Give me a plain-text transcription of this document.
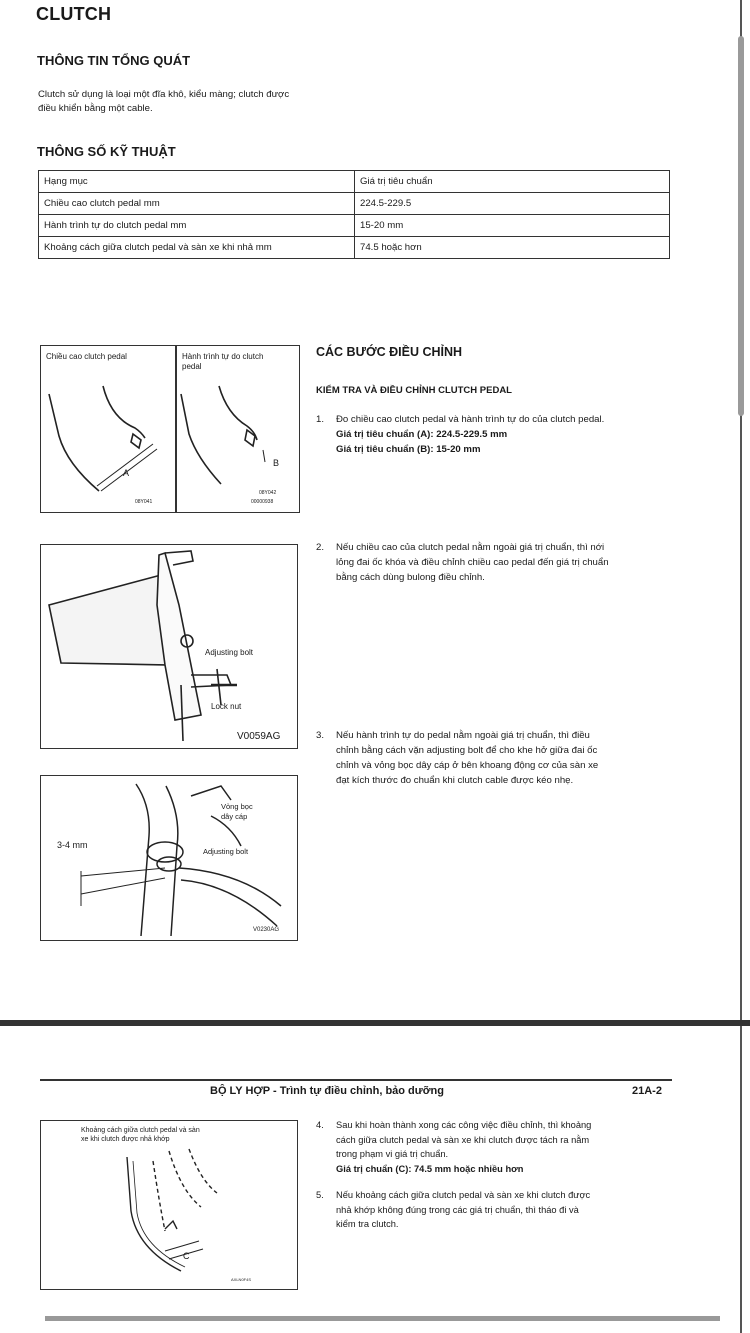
CLUTCH
THÔNG TIN TỔNG QUÁT
Clutch sử dụng là loại một đĩa khô, kiểu màng; clutch được
điều khiển bằng một cable.
THÔNG SỐ KỸ THUẬT
Hạng mục	Giá trị tiêu chuẩn
Chiều cao clutch pedal mm	224.5-229.5
Hành trình tự do clutch pedal mm	15-20 mm
Khoảng cách giữa clutch pedal và sàn xe khi nhả mm	74.5 hoặc hơn
Chiều cao clutch pedal	Hành trình tự do clutch
pedal
A
B
08Y041
08Y042
00000938
CÁC BƯỚC ĐIỀU CHỈNH
KIỂM TRA VÀ ĐIỀU CHỈNH CLUTCH PEDAL
1. Đo chiều cao clutch pedal và hành trình tự do của clutch pedal.
Giá trị tiêu chuẩn (A): 224.5-229.5 mm
Giá trị tiêu chuẩn (B): 15-20 mm
Adjusting bolt
Lock nut
V0059AG
2. Nếu chiều cao của clutch pedal nằm ngoài giá trị chuẩn, thì nới
lỏng đai ốc khóa và điều chỉnh chiều cao pedal đến giá trị chuẩn
bằng cách dùng bulong điều chỉnh.
3. Nếu hành trình tự do pedal nằm ngoài giá trị chuẩn, thì điều
chỉnh bằng cách vặn adjusting bolt để cho khe hở giữa đai ốc
chỉnh và vỏng bọc dây cáp ở bên khoang động cơ của sàn xe
đạt kích thước đo chuẩn khi clutch cable được kéo nhẹ.
3-4 mm
Vỏng bọc
dây cáp
Adjusting bolt
V0230AG
BỘ LY HỢP - Trình tự điều chỉnh, bảo dưỡng	21A-2
Khoảng cách giữa clutch pedal và sàn
xe khi clutch được nhả khớp
C
AXLN0F4S
4. Sau khi hoàn thành xong các công việc điều chỉnh, thì khoảng
cách giữa clutch pedal và sàn xe khi clutch được tách ra nằm
trong phạm vi giá trị chuẩn.
Giá trị chuẩn (C): 74.5 mm hoặc nhiều hơn
5. Nếu khoảng cách giữa clutch pedal và sàn xe khi clutch được
nhả khớp không đúng trong các giá trị chuẩn, thì tháo đi và
kiểm tra clutch.
